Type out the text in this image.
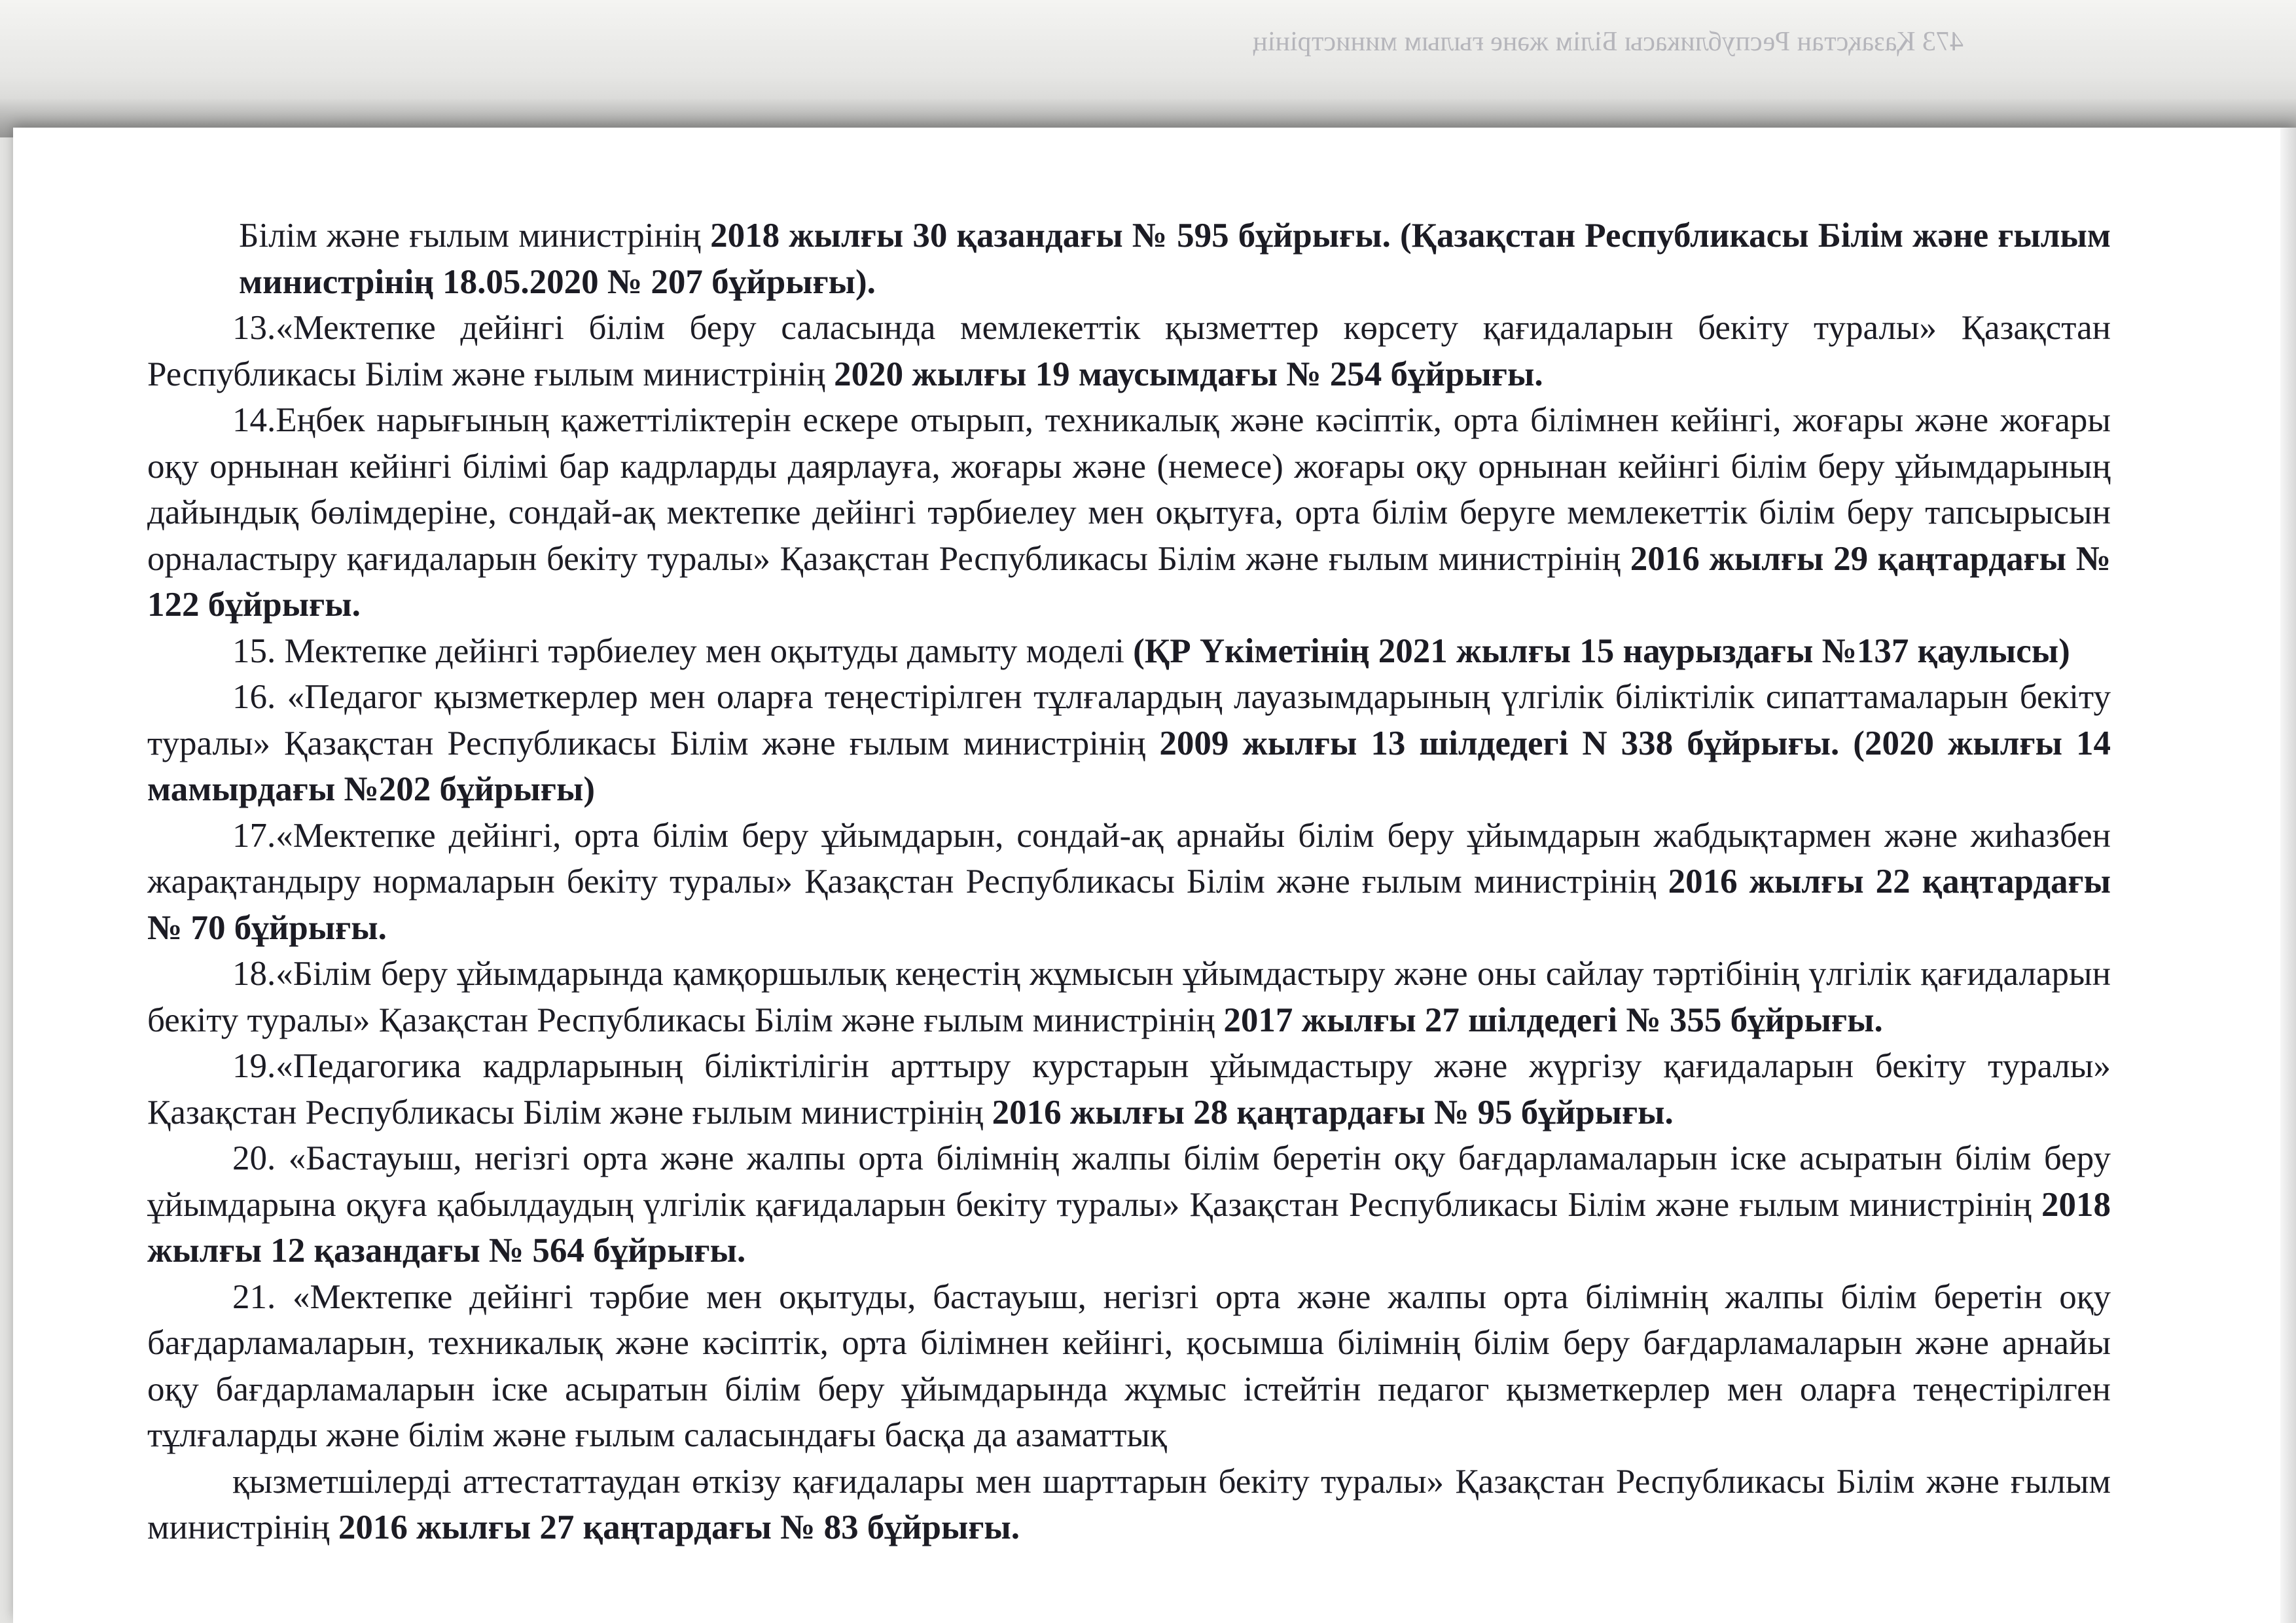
473 Қазақстан Республикасы Білім және ғылым министрінің

Білім және ғылым министрінің 2018 жылғы 30 қазандағы № 595 бұйрығы. (Қазақстан Республикасы Білім және ғылым министрінің 18.05.2020 № 207 бұйрығы).

13.«Мектепке дейінгі білім беру саласында мемлекеттік қызметтер көрсету қағидаларын бекіту туралы» Қазақстан Республикасы Білім және ғылым министрінің 2020 жылғы 19 маусымдағы № 254 бұйрығы.

14.Еңбек нарығының қажеттіліктерін ескере отырып, техникалық және кәсіптік, орта білімнен кейінгі, жоғары және жоғары оқу орнынан кейінгі білімі бар кадрларды даярлауға, жоғары және (немесе) жоғары оқу орнынан кейінгі білім беру ұйымдарының дайындық бөлімдеріне, сондай-ақ мектепке дейінгі тәрбиелеу мен оқытуға, орта білім беруге мемлекеттік білім беру тапсырысын орналастыру қағидаларын бекіту туралы» Қазақстан Республикасы Білім және ғылым министрінің 2016 жылғы 29 қаңтардағы № 122 бұйрығы.

15. Мектепке дейінгі тәрбиелеу мен оқытуды дамыту моделі (ҚР Үкіметінің 2021 жылғы 15 наурыздағы №137 қаулысы)

16. «Педагог қызметкерлер мен оларға теңестірілген тұлғалардың лауазымдарының үлгілік біліктілік сипаттамаларын бекіту туралы» Қазақстан Республикасы Білім және ғылым министрінің 2009 жылғы 13 шілдедегі N 338 бұйрығы. (2020 жылғы 14 мамырдағы №202 бұйрығы)

17.«Мектепке дейінгі, орта білім беру ұйымдарын, сондай-ақ арнайы білім беру ұйымдарын жабдықтармен және жиһазбен жарақтандыру нормаларын бекіту туралы» Қазақстан Республикасы Білім және ғылым министрінің 2016 жылғы 22 қаңтардағы № 70 бұйрығы.

18.«Білім беру ұйымдарында қамқоршылық кеңестің жұмысын ұйымдастыру және оны сайлау тәртібінің үлгілік қағидаларын бекіту туралы» Қазақстан Республикасы Білім және ғылым министрінің 2017 жылғы 27 шілдедегі № 355 бұйрығы.

19.«Педагогика кадрларының біліктілігін арттыру курстарын ұйымдастыру және жүргізу қағидаларын бекіту туралы» Қазақстан Республикасы Білім және ғылым министрінің 2016 жылғы 28 қаңтардағы № 95 бұйрығы.

20. «Бастауыш, негізгі орта және жалпы орта білімнің жалпы білім беретін оқу бағдарламаларын іске асыратын білім беру ұйымдарына оқуға қабылдаудың үлгілік қағидаларын бекіту туралы» Қазақстан Республикасы Білім және ғылым министрінің 2018 жылғы 12 қазандағы № 564 бұйрығы.

21. «Мектепке дейінгі тәрбие мен оқытуды, бастауыш, негізгі орта және жалпы орта білімнің жалпы білім беретін оқу бағдарламаларын, техникалық және кәсіптік, орта білімнен кейінгі, қосымша білімнің білім беру бағдарламаларын және арнайы оқу бағдарламаларын іске асыратын білім беру ұйымдарында жұмыс істейтін педагог қызметкерлер мен оларға теңестірілген тұлғаларды және білім және ғылым саласындағы басқа да азаматтық

қызметшілерді аттестаттаудан өткізу қағидалары мен шарттарын бекіту туралы» Қазақстан Республикасы Білім және ғылым министрінің 2016 жылғы 27 қаңтардағы № 83 бұйрығы.
